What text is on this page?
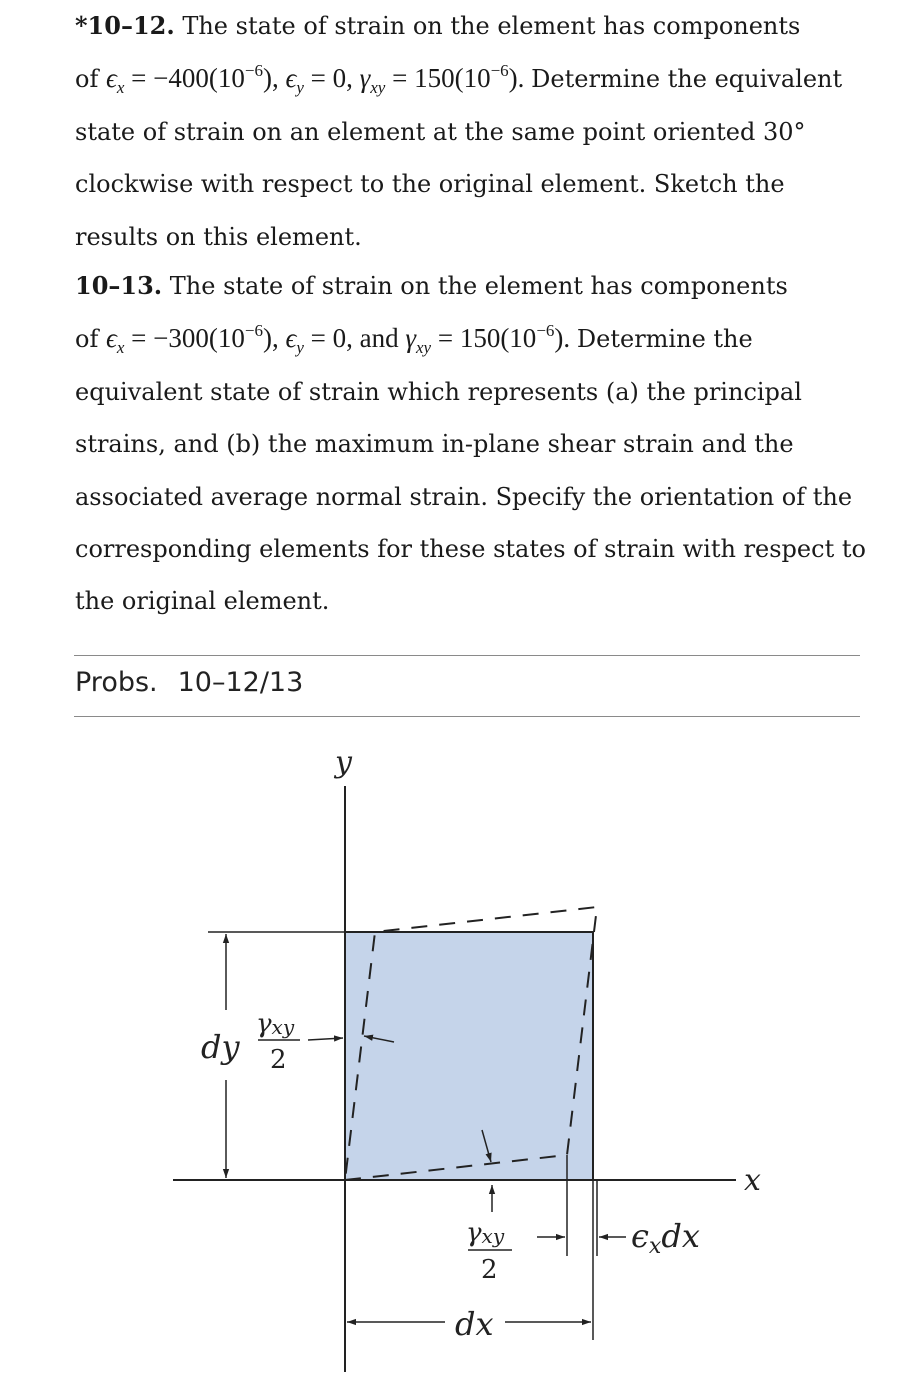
*10–12. The state of strain on the element has components
of $\epsilon_x = -400(10^{-6})$, $\epsilon_y = 0$, $\gamma_{xy} = 150(10^{-6})$. Determine the equivalent state of strain on an element at the same point oriented 30° clockwise with respect to the original element. Sketch the results on this element.
10–13. The state of strain on the element has components
of $\epsilon_x = -300(10^{-6})$, $\epsilon_y = 0$, and $\gamma_{xy} = 150(10^{-6})$. Determine the equivalent state of strain which represents (a) the principal strains, and (b) the maximum in-plane shear strain and the associated average normal strain. Specify the orientation of the corresponding elements for these states of strain with respect to the original element.
Probs. 10–12/13
y
x
dy
γxy
2
γxy
2
ϵxdx
dx
